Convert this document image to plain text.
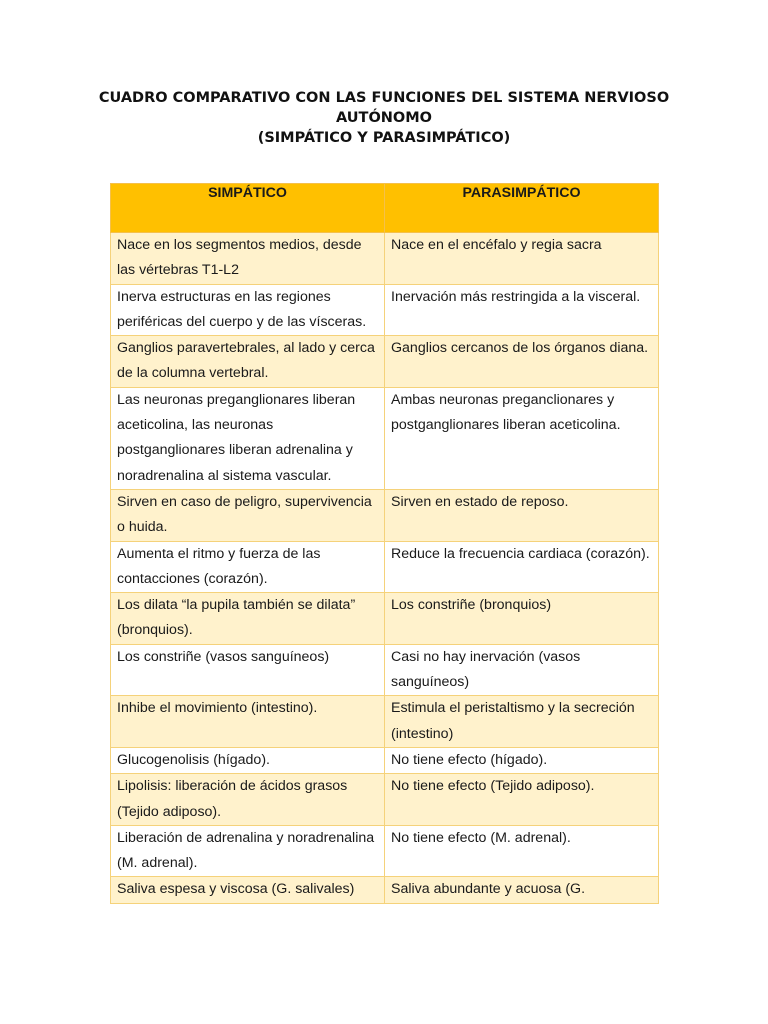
CUADRO COMPARATIVO CON LAS FUNCIONES DEL SISTEMA NERVIOSO
AUTÓNOMO
(SIMPÁTICO Y PARASIMPÁTICO)
SIMPÁTICO	PARASIMPÁTICO

Nace en los segmentos medios, desde las vértebras T1-L2	Nace en el encéfalo y regia sacra
Inerva estructuras en las regiones periféricas del cuerpo y de las vísceras.	Inervación más restringida a la visceral.
Ganglios paravertebrales, al lado y cerca de la columna vertebral.	Ganglios cercanos de los órganos diana.
Las neuronas preganglionares liberan aceticolina, las neuronas postganglionares liberan adrenalina y noradrenalina al sistema vascular.	Ambas neuronas preganclionares y postganglionares liberan aceticolina.
Sirven en caso de peligro, supervivencia o huida.	Sirven en estado de reposo.
Aumenta el ritmo y fuerza de las contacciones (corazón).	Reduce la frecuencia cardiaca (corazón).
Los dilata “la pupila también se dilata” (bronquios).	Los constriñe (bronquios)
Los constriñe (vasos sanguíneos)	Casi no hay inervación (vasos sanguíneos)
Inhibe el movimiento (intestino).	Estimula el peristaltismo y la secreción (intestino)
Glucogenolisis (hígado).	No tiene efecto (hígado).
Lipolisis: liberación de ácidos grasos (Tejido adiposo).	No tiene efecto (Tejido adiposo).
Liberación de adrenalina y noradrenalina (M. adrenal).	No tiene efecto (M. adrenal).
Saliva espesa y viscosa (G. salivales)	Saliva abundante y acuosa (G.
